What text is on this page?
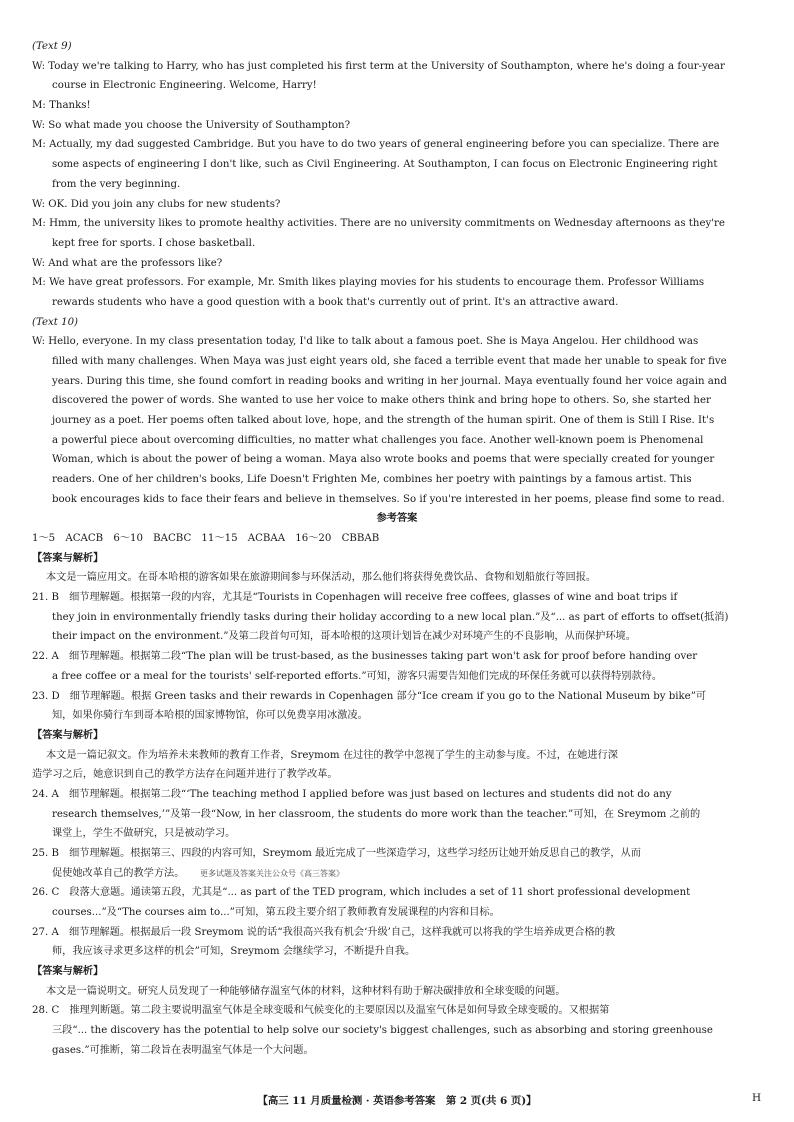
(Text 9)
W: Today we're talking to Harry, who has just completed his first term at the University of Southampton, where he's doing a four-year
course in Electronic Engineering. Welcome, Harry!
M: Thanks!
W: So what made you choose the University of Southampton?
M: Actually, my dad suggested Cambridge. But you have to do two years of general engineering before you can specialize. There are
some aspects of engineering I don't like, such as Civil Engineering. At Southampton, I can focus on Electronic Engineering right
from the very beginning.
W: OK. Did you join any clubs for new students?
M: Hmm, the university likes to promote healthy activities. There are no university commitments on Wednesday afternoons as they're
kept free for sports. I chose basketball.
W: And what are the professors like?
M: We have great professors. For example, Mr. Smith likes playing movies for his students to encourage them. Professor Williams
rewards students who have a good question with a book that's currently out of print. It's an attractive award.
(Text 10)
W: Hello, everyone. In my class presentation today, I'd like to talk about a famous poet. She is Maya Angelou. Her childhood was
filled with many challenges. When Maya was just eight years old, she faced a terrible event that made her unable to speak for five
years. During this time, she found comfort in reading books and writing in her journal. Maya eventually found her voice again and
discovered the power of words. She wanted to use her voice to make others think and bring hope to others. So, she started her
journey as a poet. Her poems often talked about love, hope, and the strength of the human spirit. One of them is Still I Rise. It's
a powerful piece about overcoming difficulties, no matter what challenges you face. Another well-known poem is Phenomenal
Woman, which is about the power of being a woman. Maya also wrote books and poems that were specially created for younger
readers. One of her children's books, Life Doesn't Frighten Me, combines her poetry with paintings by a famous artist. This
book encourages kids to face their fears and believe in themselves. So if you're interested in her poems, please find some to read.
参考答案
1～5　ACACB　6～10　BACBC　11～15　ACBAA　16～20　CBBAB
【答案与解析】
本文是一篇应用文。在哥本哈根的游客如果在旅游期间参与环保活动，那么他们将获得免费饮品、食物和划船旅行等回报。
21. B　细节理解题。根据第一段的内容，尤其是“Tourists in Copenhagen will receive free coffees, glasses of wine and boat trips if
they join in environmentally friendly tasks during their holiday according to a new local plan.”及“... as part of efforts to offset(抵消)
their impact on the environment.”及第二段首句可知，哥本哈根的这项计划旨在减少对环境产生的不良影响，从而保护环境。
22. A　细节理解题。根据第二段“The plan will be trust-based, as the businesses taking part won't ask for proof before handing over
a free coffee or a meal for the tourists' self-reported efforts.”可知，游客只需要告知他们完成的环保任务就可以获得特别款待。
23. D　细节理解题。根据 Green tasks and their rewards in Copenhagen 部分“Ice cream if you go to the National Museum by bike”可
知，如果你骑行车到哥本哈根的国家博物馆，你可以免费享用冰激凌。
【答案与解析】
本文是一篇记叙文。作为培养未来教师的教育工作者，Sreymom 在过往的教学中忽视了学生的主动参与度。不过，在她进行深
造学习之后，她意识到自己的教学方法存在问题并进行了教学改革。
24. A　细节理解题。根据第二段“‘The teaching method I applied before was just based on lectures and students did not do any
research themselves,’”及第一段“Now, in her classroom, the students do more work than the teacher.”可知，在 Sreymom 之前的
课堂上，学生不做研究，只是被动学习。
25. B　细节理解题。根据第三、四段的内容可知，Sreymom 最近完成了一些深造学习，这些学习经历让她开始反思自己的教学，从而
促使她改革自己的教学方法。 更多试题及答案关注公众号《高三答案》
26. C　段落大意题。通读第五段，尤其是“... as part of the TED program, which includes a set of 11 short professional development
courses...”及“The courses aim to...”可知，第五段主要介绍了教师教育发展课程的内容和目标。
27. A　细节理解题。根据最后一段 Sreymom 说的话“我很高兴我有机会‘升级’自己，这样我就可以将我的学生培养成更合格的教
师，我应该寻求更多这样的机会”可知，Sreymom 会继续学习，不断提升自我。
【答案与解析】
本文是一篇说明文。研究人员发现了一种能够储存温室气体的材料，这种材料有助于解决碳排放和全球变暖的问题。
28. C　推理判断题。第二段主要说明温室气体是全球变暖和气候变化的主要原因以及温室气体是如何导致全球变暖的。又根据第
三段“... the discovery has the potential to help solve our society's biggest challenges, such as absorbing and storing greenhouse
gases.”可推断，第二段旨在表明温室气体是一个大问题。
【高三 11 月质量检测 · 英语参考答案　第 2 页(共 6 页)】	H
